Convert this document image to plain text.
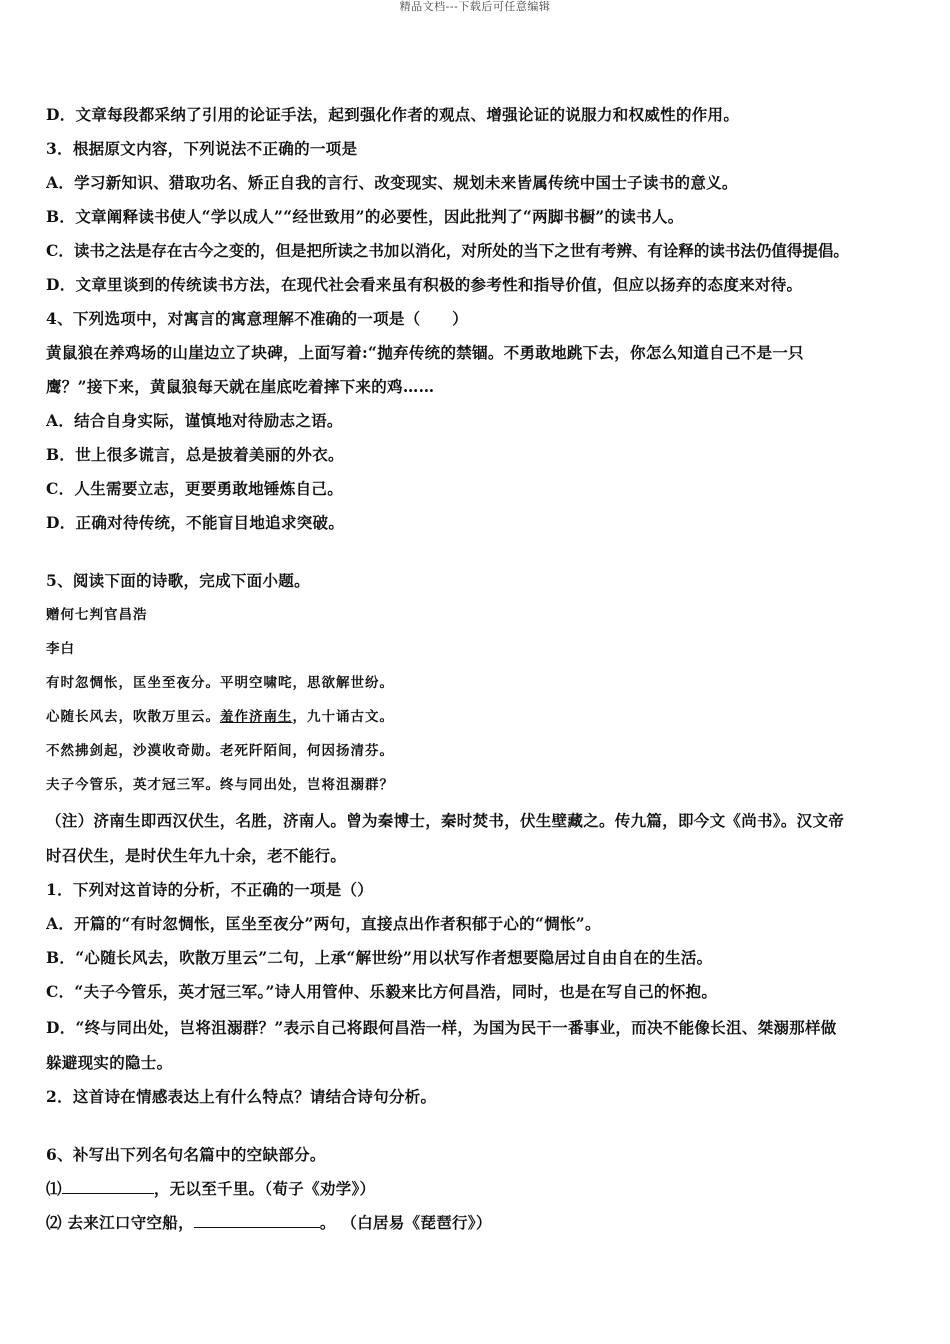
精品文档---下载后可任意编辑
D．文章每段都采纳了引用的论证手法，起到强化作者的观点、增强论证的说服力和权威性的作用。
3．根据原文内容，下列说法不正确的一项是
A．学习新知识、猎取功名、矫正自我的言行、改变现实、规划未来皆属传统中国士子读书的意义。
B．文章阐释读书使人“学以成人”“经世致用”的必要性，因此批判了“两脚书橱”的读书人。
C．读书之法是存在古今之变的，但是把所读之书加以消化，对所处的当下之世有考辨、有诠释的读书法仍值得提倡。
D．文章里谈到的传统读书方法，在现代社会看来虽有积极的参考性和指导价值，但应以扬弃的态度来对待。
4、下列选项中，对寓言的寓意理解不准确的一项是（　　）
黄鼠狼在养鸡场的山崖边立了块碑，上面写着:“抛弃传统的禁锢。不勇敢地跳下去，你怎么知道自己不是一只
鹰？”接下来，黄鼠狼每天就在崖底吃着摔下来的鸡……
A．结合自身实际，谨慎地对待励志之语。
B．世上很多谎言，总是披着美丽的外衣。
C．人生需要立志，更要勇敢地锤炼自己。
D．正确对待传统，不能盲目地追求突破。
5、阅读下面的诗歌，完成下面小题。
赠何七判官昌浩
李白
有时忽惆怅，匡坐至夜分。平明空啸咤，思欲解世纷。
心随长风去，吹散万里云。羞作济南生，九十诵古文。
不然拂剑起，沙漠收奇勋。老死阡陌间，何因扬清芬。
夫子今管乐，英才冠三军。终与同出处，岂将沮溺群？
（注）济南生即西汉伏生，名胜，济南人。曾为秦博士，秦时焚书，伏生壁藏之。传九篇，即今文《尚书》。汉文帝
时召伏生，是时伏生年九十余，老不能行。
1．下列对这首诗的分析，不正确的一项是（）
A．开篇的“有时忽惆怅，匡坐至夜分”两句，直接点出作者积郁于心的“惆怅”。
B．“心随长风去，吹散万里云”二句，上承“解世纷”用以状写作者想要隐居过自由自在的生活。
C．“夫子今管乐，英才冠三军。”诗人用管仲、乐毅来比方何昌浩，同时，也是在写自己的怀抱。
D．“终与同出处，岂将沮溺群？”表示自己将跟何昌浩一样，为国为民干一番事业，而决不能像长沮、桀溺那样做
躲避现实的隐士。
2．这首诗在情感表达上有什么特点？请结合诗句分析。
6、补写出下列名句名篇中的空缺部分。
⑴	，无以至千里。（荀子《劝学》）
⑵ 去来江口守空船，	。 （白居易《琵琶行》）
